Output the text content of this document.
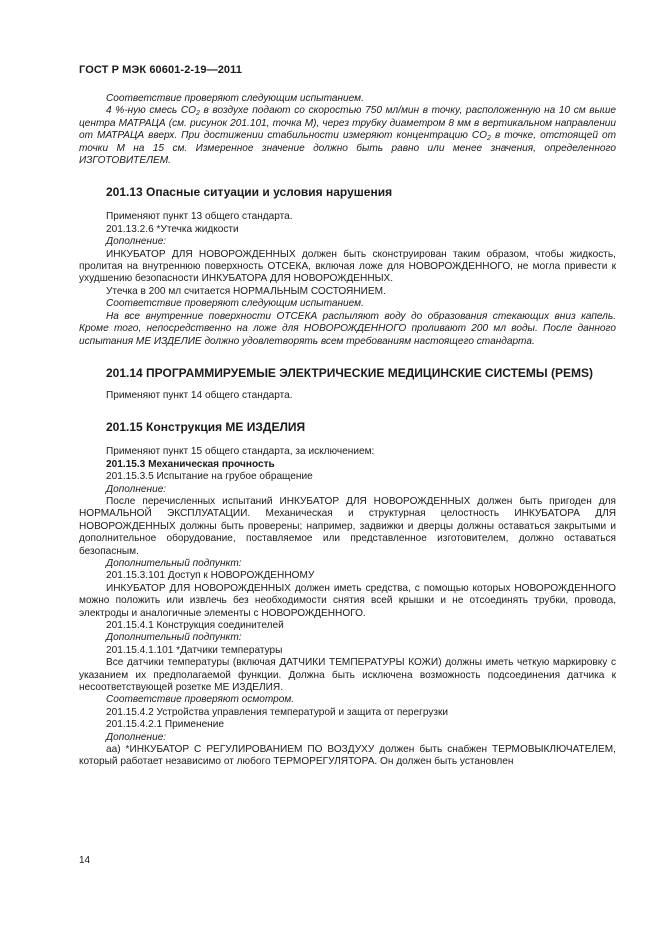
ГОСТ Р МЭК 60601-2-19—2011

Соответствие проверяют следующим испытанием.

4 %-ную смесь $CO_2$ в воздухе подают со скоростью 750 мл/мин в точку, расположенную на 10 см выше центра МАТРАЦА (см. рисунок 201.101, точка М), через трубку диаметром 8 мм в вертикальном направлении от МАТРАЦА вверх. При достижении стабильности измеряют концентрацию $CO_2$ в точке, отстоящей от точки М на 15 см. Измеренное значение должно быть равно или менее значения, определенного ИЗГОТОВИТЕЛЕМ.

201.13 Опасные ситуации и условия нарушения

Применяют пункт 13 общего стандарта.

201.13.2.6 *Утечка жидкости

Дополнение:

ИНКУБАТОР ДЛЯ НОВОРОЖДЕННЫХ должен быть сконструирован таким образом, чтобы жидкость, пролитая на внутреннюю поверхность ОТСЕКА, включая ложе для НОВОРОЖДЕННОГО, не могла привести к ухудшению безопасности ИНКУБАТОРА ДЛЯ НОВОРОЖДЕННЫХ.

Утечка в 200 мл считается НОРМАЛЬНЫМ СОСТОЯНИЕМ.

Соответствие проверяют следующим испытанием.

На все внутренние поверхности ОТСЕКА распыляют воду до образования стекающих вниз капель. Кроме того, непосредственно на ложе для НОВОРОЖДЕННОГО проливают 200 мл воды. После данного испытания МЕ ИЗДЕЛИЕ должно удовлетворять всем требованиям настоящего стандарта.

201.14 ПРОГРАММИРУЕМЫЕ ЭЛЕКТРИЧЕСКИЕ МЕДИЦИНСКИЕ СИСТЕМЫ (PEMS)

Применяют пункт 14 общего стандарта.

201.15 Конструкция МЕ ИЗДЕЛИЯ

Применяют пункт 15 общего стандарта, за исключением:

201.15.3 Механическая прочность

201.15.3.5 Испытание на грубое обращение

Дополнение:

После перечисленных испытаний ИНКУБАТОР ДЛЯ НОВОРОЖДЕННЫХ должен быть пригоден для НОРМАЛЬНОЙ ЭКСПЛУАТАЦИИ. Механическая и структурная целостность ИНКУБАТОРА ДЛЯ НОВОРОЖДЕННЫХ должны быть проверены; например, задвижки и дверцы должны оставаться закрытыми и дополнительное оборудование, поставляемое или представленное изготовителем, должно оставаться безопасным.

Дополнительный подпункт:

201.15.3.101 Доступ к НОВОРОЖДЕННОМУ

ИНКУБАТОР ДЛЯ НОВОРОЖДЕННЫХ должен иметь средства, с помощью которых НОВОРОЖДЕННОГО можно положить или извлечь без необходимости снятия всей крышки и не отсоединять трубки, провода, электроды и аналогичные элементы с НОВОРОЖДЕННОГО.

201.15.4.1 Конструкция соединителей

Дополнительный подпункт:

201.15.4.1.101 *Датчики температуры

Все датчики температуры (включая ДАТЧИКИ ТЕМПЕРАТУРЫ КОЖИ) должны иметь четкую маркировку с указанием их предполагаемой функции. Должна быть исключена возможность подсоединения датчика к несоответствующей розетке МЕ ИЗДЕЛИЯ.

Соответствие проверяют осмотром.

201.15.4.2 Устройства управления температурой и защита от перегрузки

201.15.4.2.1 Применение

Дополнение:

аа) *ИНКУБАТОР С РЕГУЛИРОВАНИЕМ ПО ВОЗДУХУ должен быть снабжен ТЕРМОВЫКЛЮЧАТЕЛЕМ, который работает независимо от любого ТЕРМОРЕГУЛЯТОРА. Он должен быть установлен

14
